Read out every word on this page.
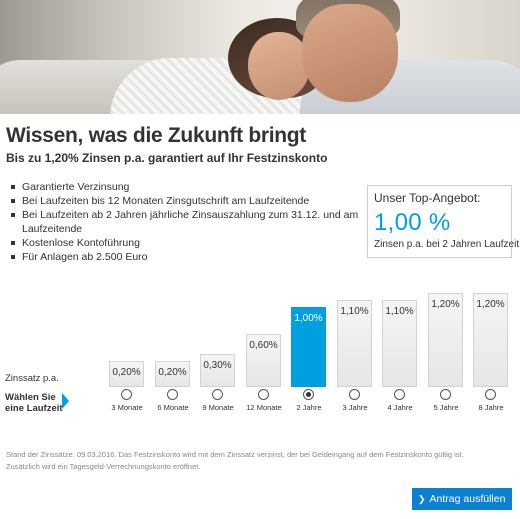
Wissen, was die Zukunft bringt
Bis zu 1,20% Zinsen p.a. garantiert auf Ihr Festzinskonto
Garantierte Verzinsung
Bei Laufzeiten bis 12 Monaten Zinsgutschrift am Laufzeitende
Bei Laufzeiten ab 2 Jahren jährliche Zinsauszahlung zum 31.12. und am Laufzeitende
Kostenlose Kontoführung
Für Anlagen ab 2.500 Euro
Unser Top-Angebot:
1,00 %
Zinsen p.a. bei 2 Jahren Laufzeit
Zinssatz p.a.
Wählen Sie
eine Laufzeit
0,20%
3 Monate
0,20%
6 Monate
0,30%
9 Monate
0,60%
12 Monate
1,00%
2 Jahre
1,10%
3 Jahre
1,10%
4 Jahre
1,20%
5 Jahre
1,20%
8 Jahre
Stand der Zinssätze: 09.03.2016. Das Festzinskonto wird mit dem Zinssatz verzinst, der bei Geldeingang auf dem Festzinskonto gültig ist.
Zusätzlich wird ein Tagesgeld-Verrechnungskonto eröffnet.
❯ Antrag ausfüllen
